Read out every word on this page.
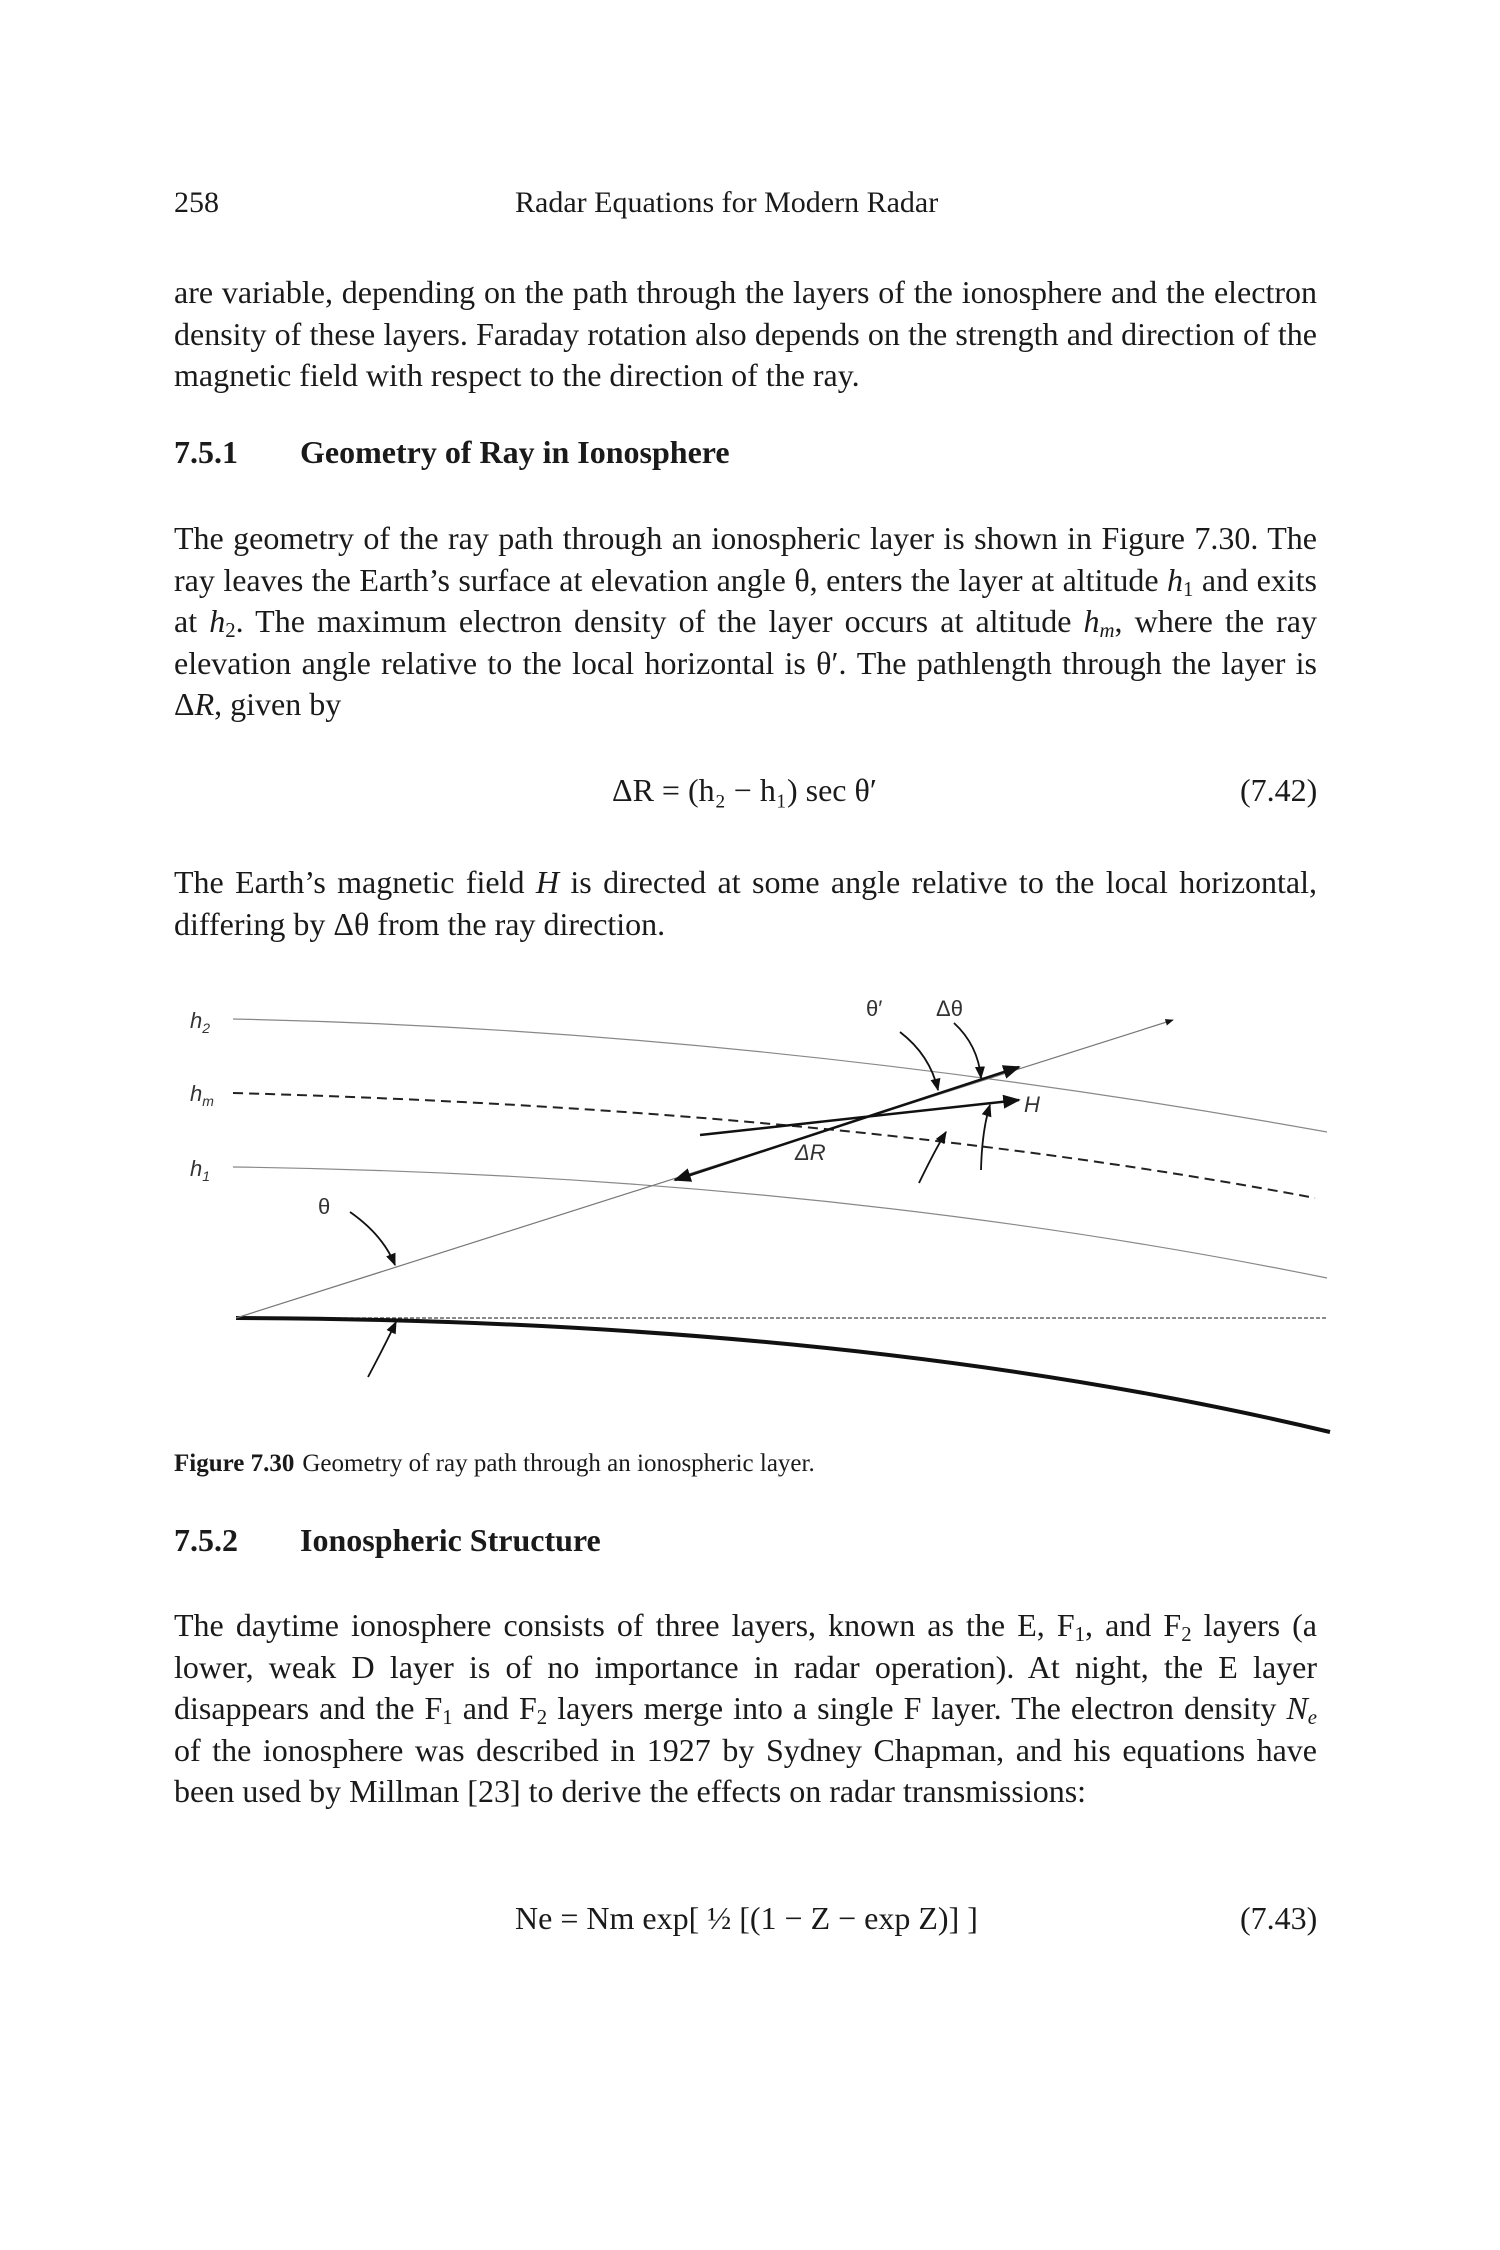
258	Radar Equations for Modern Radar
are variable, depending on the path through the layers of the ionosphere and the electron density of these layers. Faraday rotation also depends on the strength and direction of the magnetic field with respect to the direction of the ray.
7.5.1 Geometry of Ray in Ionosphere
The geometry of the ray path through an ionospheric layer is shown in Figure 7.30. The ray leaves the Earth’s surface at elevation angle θ, enters the layer at altitude $h_1$ and exits at $h_2$. The maximum electron density of the layer occurs at altitude $h_m$, where the ray elevation angle relative to the local horizontal is θ′. The pathlength through the layer is ΔR, given by
ΔR = (h₂ − h₁) sec θ′	(7.42)
The Earth’s magnetic field H is directed at some angle relative to the local horizontal, differing by Δθ from the ray direction.
$h_2$
$h_m$
$h_1$
θ
θ′ Δθ
ΔR
H
Figure 7.30 Geometry of ray path through an ionospheric layer.
7.5.2 Ionospheric Structure
The daytime ionosphere consists of three layers, known as the E, $F_1$, and $F_2$ layers (a lower, weak D layer is of no importance in radar operation). At night, the E layer disappears and the $F_1$ and $F_2$ layers merge into a single F layer. The electron density $N_e$ of the ionosphere was described in 1927 by Sydney Chapman, and his equations have been used by Millman [23] to derive the effects on radar transmissions:
Ne = Nm exp[ ½ [(1 − Z − exp Z)] ]	(7.43)
